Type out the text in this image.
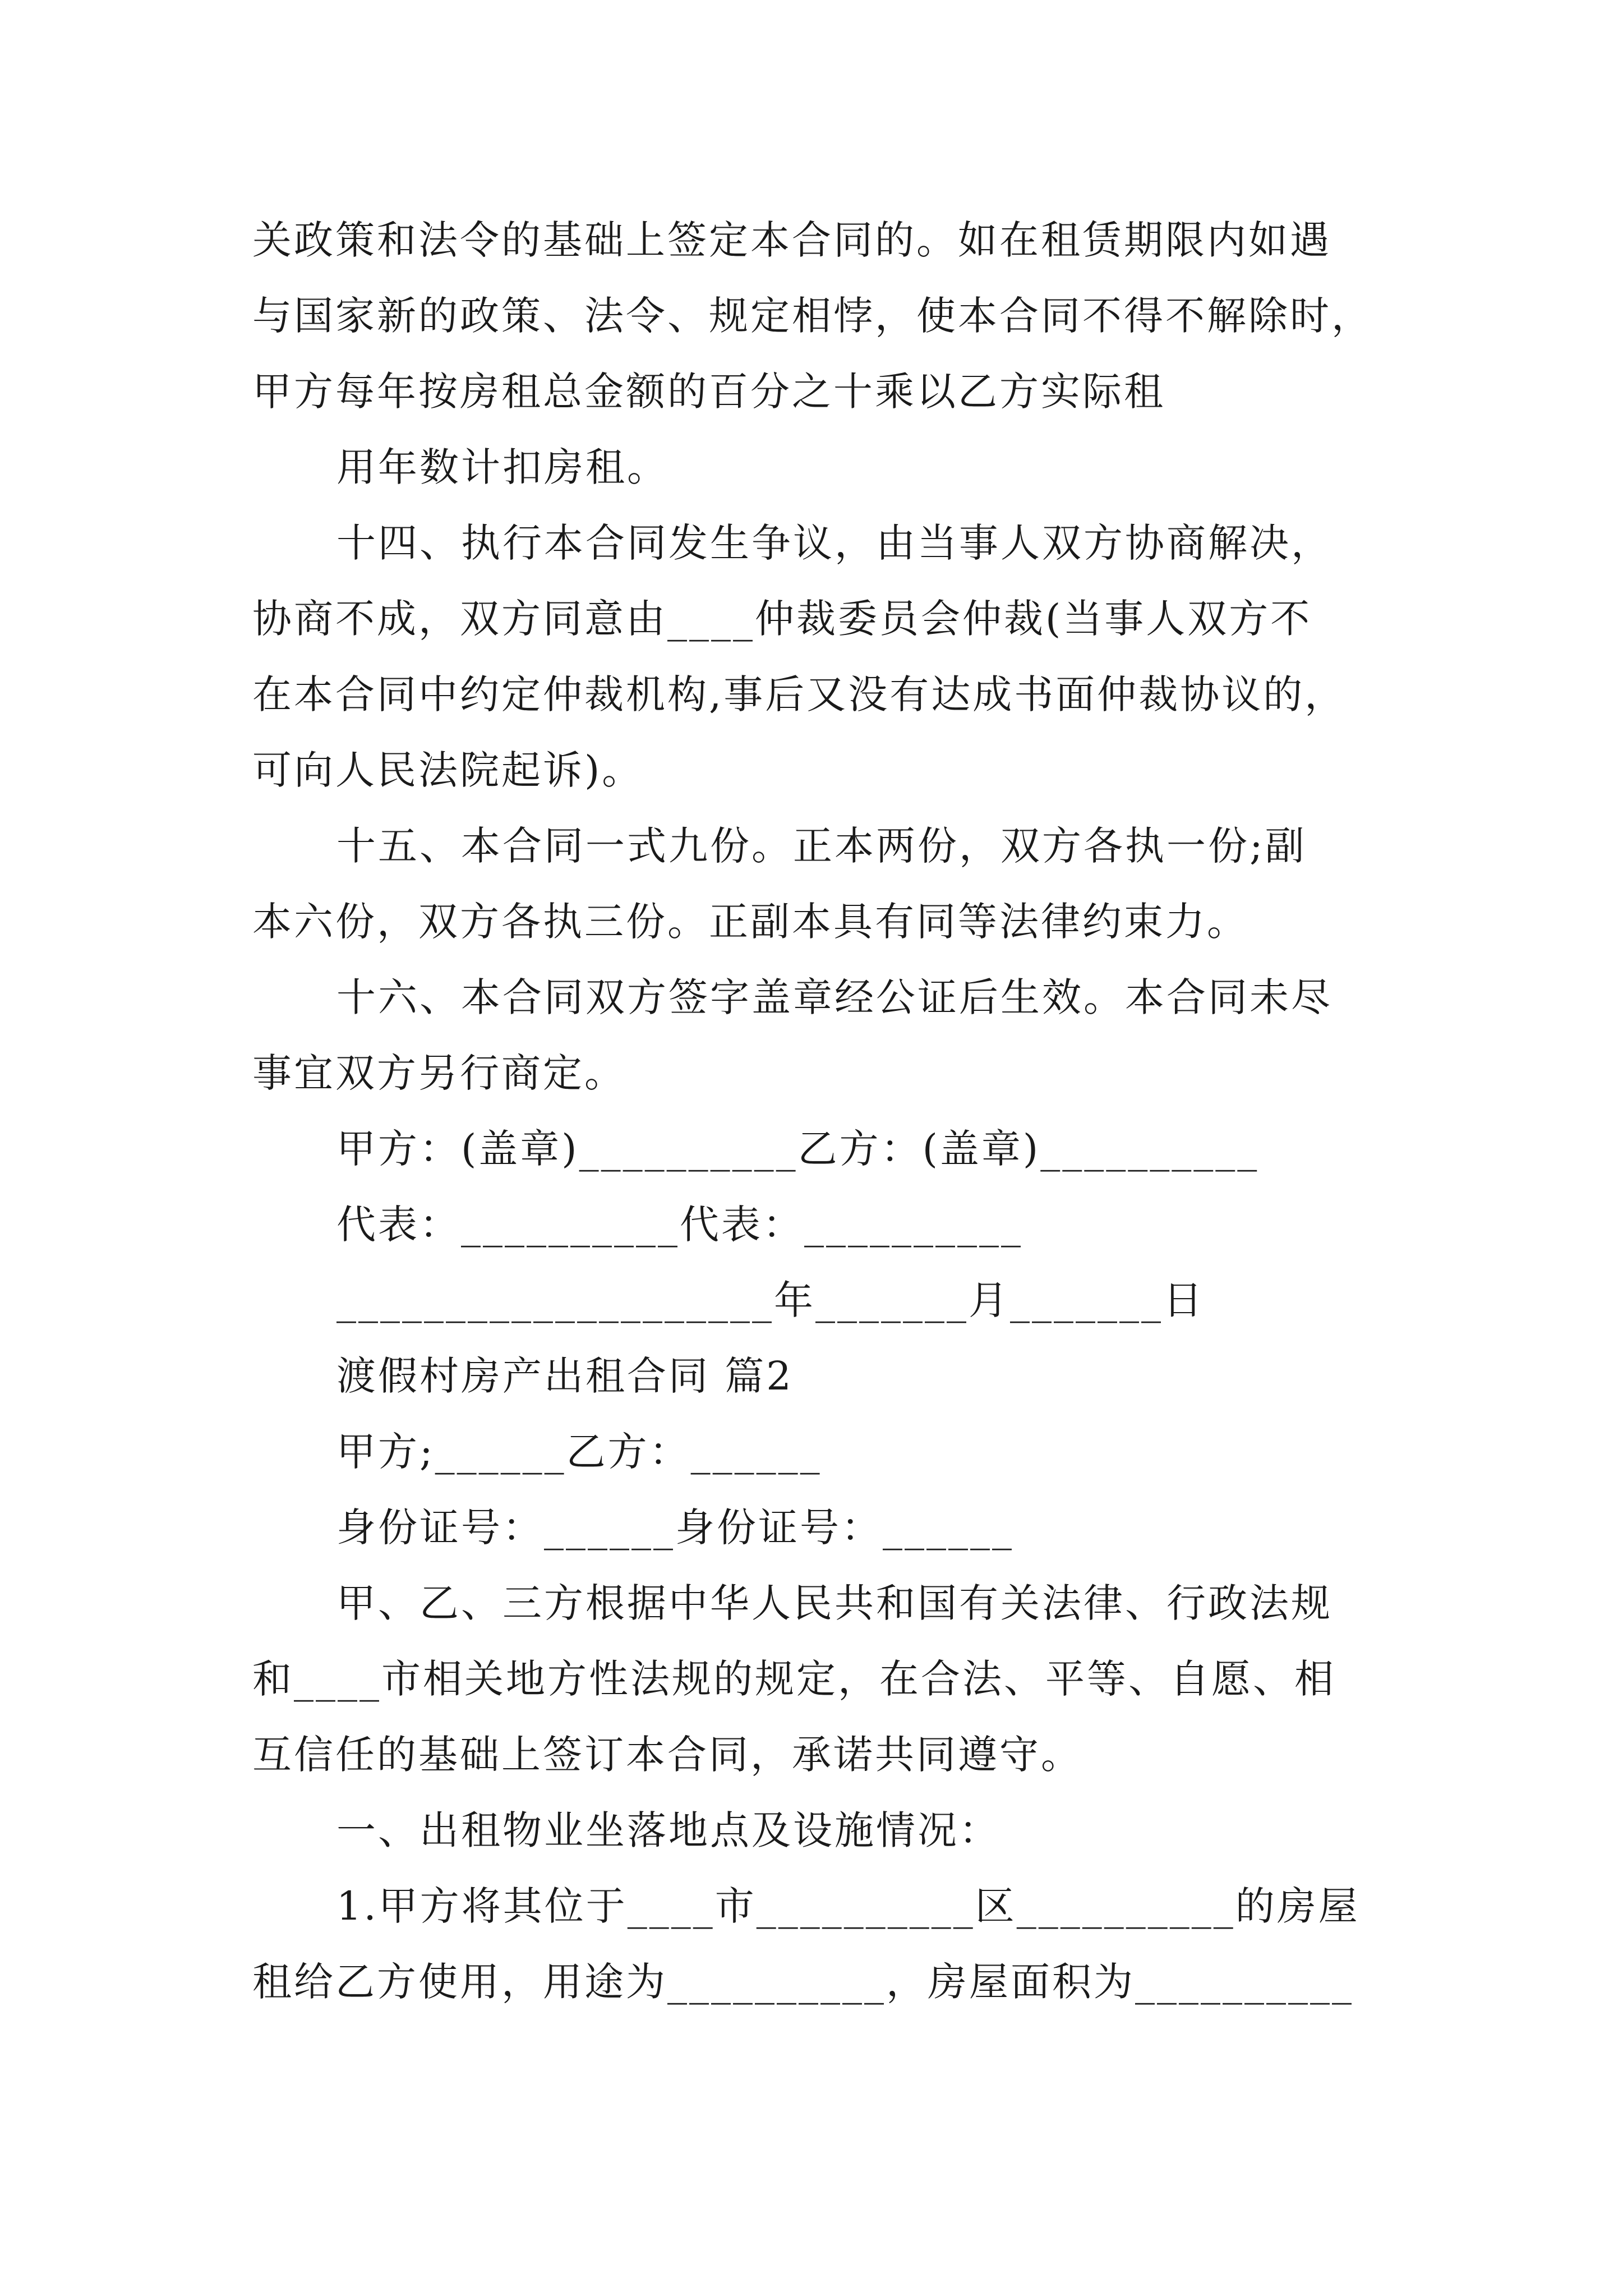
关政策和法令的基础上签定本合同的。如在租赁期限内如遇
与国家新的政策、法令、规定相悖，使本合同不得不解除时，
甲方每年按房租总金额的百分之十乘以乙方实际租
用年数计扣房租。
十四、执行本合同发生争议，由当事人双方协商解决，
协商不成，双方同意由____仲裁委员会仲裁(当事人双方不
在本合同中约定仲裁机构,事后又没有达成书面仲裁协议的，
可向人民法院起诉)。
十五、本合同一式九份。正本两份，双方各执一份;副
本六份，双方各执三份。正副本具有同等法律约束力。
十六、本合同双方签字盖章经公证后生效。本合同未尽
事宜双方另行商定。
甲方：(盖章)__________乙方：(盖章)__________
代表：__________代表：__________
____________________年_______月_______日
渡假村房产出租合同 篇2
甲方;______乙方：______
身份证号：______身份证号：______
甲、乙、三方根据中华人民共和国有关法律、行政法规
和____市相关地方性法规的规定，在合法、平等、自愿、相
互信任的基础上签订本合同，承诺共同遵守。
一、出租物业坐落地点及设施情况：
1.甲方将其位于____市__________区__________的房屋
租给乙方使用，用途为__________，房屋面积为__________
